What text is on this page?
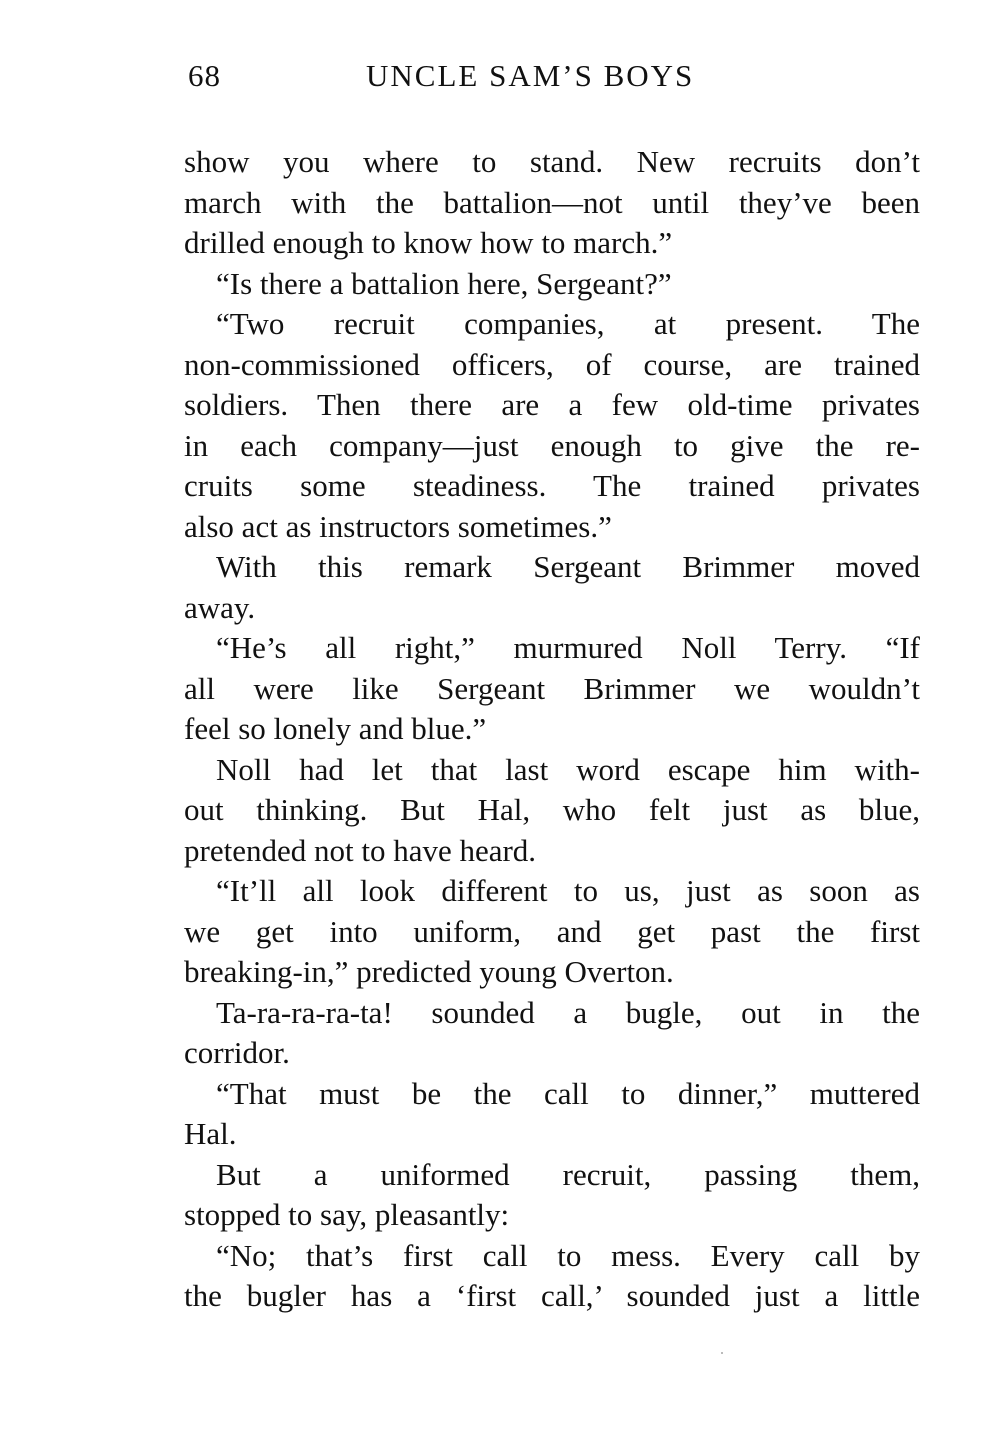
68	UNCLE SAM’S BOYS
show you where to stand. New recruits don’t
march with the battalion—not until they’ve been
drilled enough to know how to march.”
“Is there a battalion here, Sergeant?”
“Two recruit companies, at present. The
non-commissioned officers, of course, are trained
soldiers. Then there are a few old-time privates
in each company—just enough to give the re-
cruits some steadiness. The trained privates
also act as instructors sometimes.”
With this remark Sergeant Brimmer moved
away.
“He’s all right,” murmured Noll Terry. “If
all were like Sergeant Brimmer we wouldn’t
feel so lonely and blue.”
Noll had let that last word escape him with-
out thinking. But Hal, who felt just as blue,
pretended not to have heard.
“It’ll all look different to us, just as soon as
we get into uniform, and get past the first
breaking-in,” predicted young Overton.
Ta-ra-ra-ra-ta! sounded a bugle, out in the
corridor.
“That must be the call to dinner,” muttered
Hal.
But a uniformed recruit, passing them,
stopped to say, pleasantly:
“No; that’s first call to mess. Every call by
the bugler has a ‘first call,’ sounded just a little
